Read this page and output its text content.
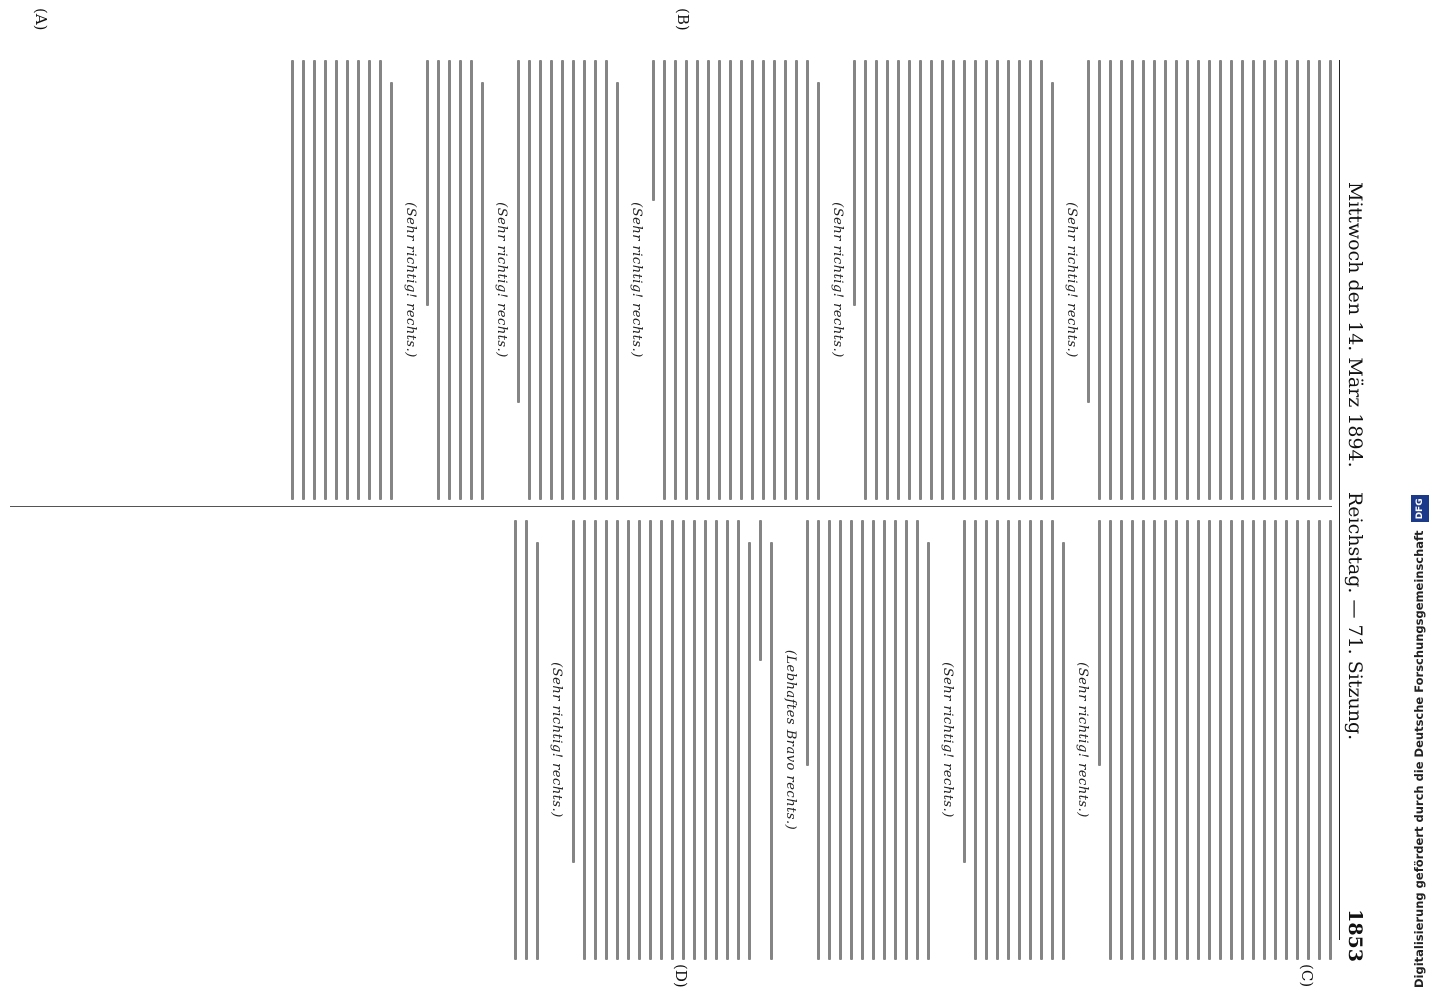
Mittwoch den 14. März 1894.
Reichstag. — 71. Sitzung.
1853
(C)
(D)
(A)	(B)
(Sehr richtig! rechts.)
(Sehr richtig! rechts.)
(Sehr richtig! rechts.)
(Sehr richtig! rechts.)
(Sehr richtig! rechts.)
(Sehr richtig! rechts.)
(Sehr richtig! rechts.)
(Lebhaftes Bravo rechts.)
(Sehr richtig! rechts.)	Digitalisierung gefördert durch die Deutsche Forschungsgemeinschaft DFG
